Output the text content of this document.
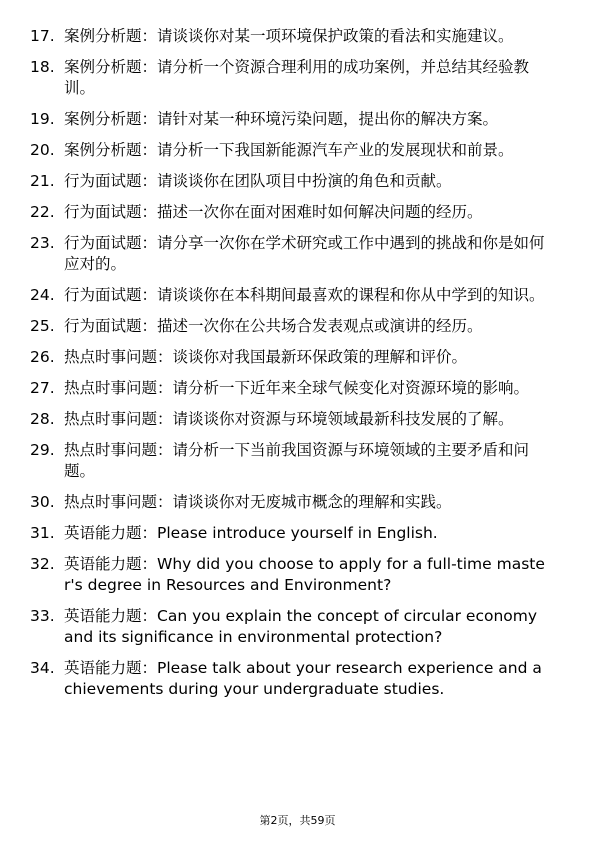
17. 案例分析题：请谈谈你对某一项环境保护政策的看法和实施建议。
18. 案例分析题：请分析一个资源合理利用的成功案例，并总结其经验教训。
19. 案例分析题：请针对某一种环境污染问题，提出你的解决方案。
20. 案例分析题：请分析一下我国新能源汽车产业的发展现状和前景。
21. 行为面试题：请谈谈你在团队项目中扮演的角色和贡献。
22. 行为面试题：描述一次你在面对困难时如何解决问题的经历。
23. 行为面试题：请分享一次你在学术研究或工作中遇到的挑战和你是如何应对的。
24. 行为面试题：请谈谈你在本科期间最喜欢的课程和你从中学到的知识。
25. 行为面试题：描述一次你在公共场合发表观点或演讲的经历。
26. 热点时事问题：谈谈你对我国最新环保政策的理解和评价。
27. 热点时事问题：请分析一下近年来全球气候变化对资源环境的影响。
28. 热点时事问题：请谈谈你对资源与环境领域最新科技发展的了解。
29. 热点时事问题：请分析一下当前我国资源与环境领域的主要矛盾和问题。
30. 热点时事问题：请谈谈你对无废城市概念的理解和实践。
31. 英语能力题：Please introduce yourself in English.
32. 英语能力题：Why did you choose to apply for a full-time master's degree in Resources and Environment?
33. 英语能力题：Can you explain the concept of circular economy and its significance in environmental protection?
34. 英语能力题：Please talk about your research experience and achievements during your undergraduate studies.
第2页，共59页
